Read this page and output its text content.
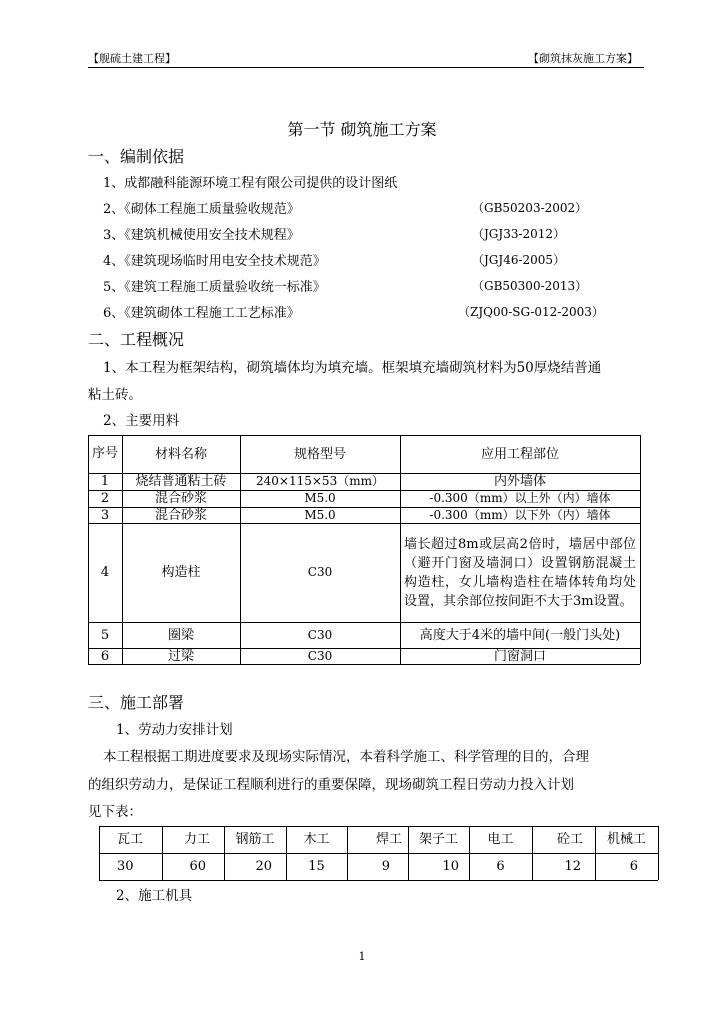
【舰硫土建工程】	【砌筑抹灰施工方案】
第一节 砌筑施工方案
一、编制依据
1、成都融科能源环境工程有限公司提供的设计图纸
2、《砌体工程施工质量验收规范》	（GB50203-2002）
3、《建筑机械使用安全技术规程》	（JGJ33-2012）
4、《建筑现场临时用电安全技术规范》	（JGJ46-2005）
5、《建筑工程施工质量验收统一标准》	（GB50300-2013）
6、《建筑砌体工程施工工艺标准》	（ZJQ00-SG-012-2003）
二、工程概况
1、本工程为框架结构，砌筑墙体均为填充墙。框架填充墙砌筑材料为50厚烧结普通
粘土砖。
2、主要用料
序号	材料名称	规格型号	应用工程部位
1	烧结普通粘土砖	240×115×53（mm）	内外墙体
2	混合砂浆	M5.0	-0.300（mm）以上外（内）墙体
3	混合砂浆	M5.0	-0.300（mm）以下外（内）墙体
4	构造柱	C30
墙长超过8m或层高2倍时，墙居中部位（避开门窗及墙洞口）设置钢筋混凝土构造柱，女儿墙构造柱在墙体转角均处设置，其余部位按间距不大于3m设置。
5	圈梁	C30	高度大于4米的墙中间(一般门头处)
6	过梁	C30	门窗洞口
三、施工部署
1、劳动力安排计划
本工程根据工期进度要求及现场实际情况，本着科学施工、科学管理的目的，合理
的组织劳动力，是保证工程顺利进行的重要保障，现场砌筑工程日劳动力投入计划
见下表：
瓦工	力工	钢筋工	木工	焊工	架子工	电工	砼工	机械工
30	60	20	15	9	10	6	12	6
2、施工机具
1
